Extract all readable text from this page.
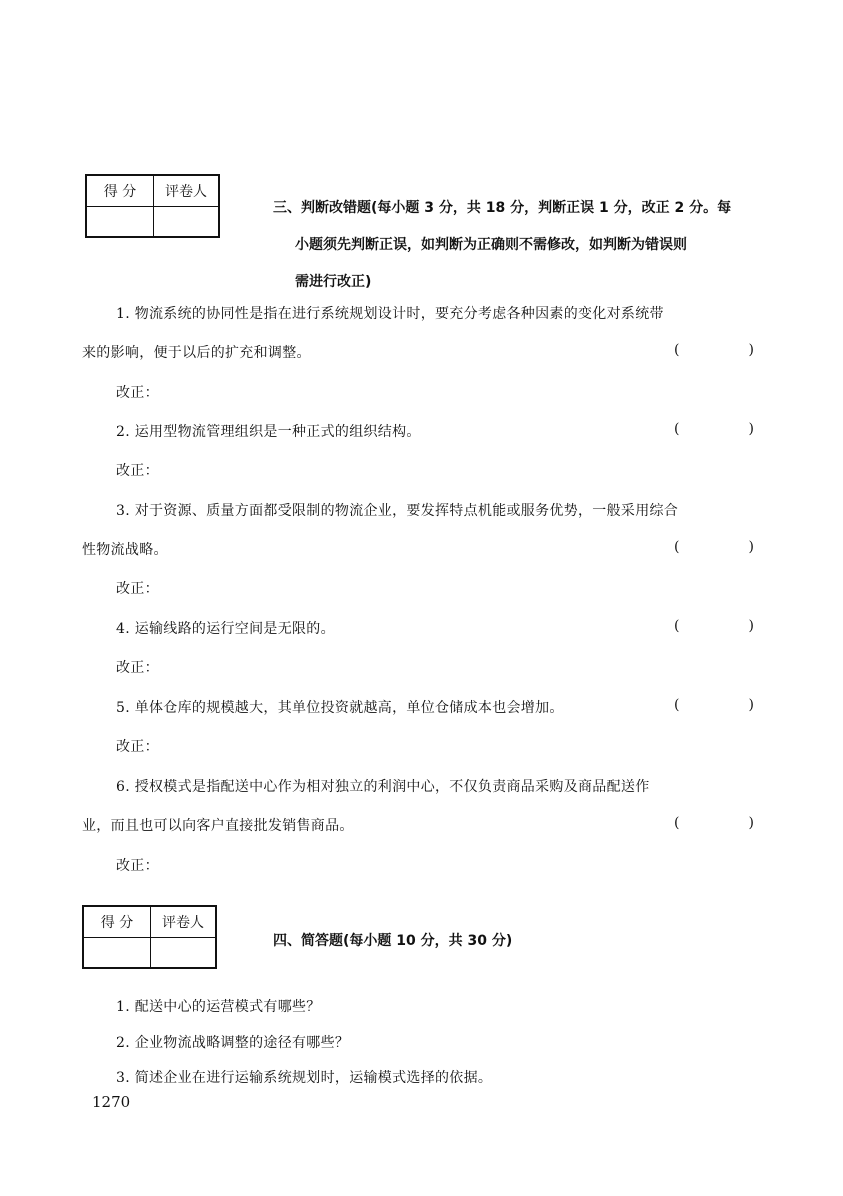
得 分	评卷人

三、判断改错题(每小题 3 分，共 18 分，判断正误 1 分，改正 2 分。每
小题须先判断正误，如判断为正确则不需修改，如判断为错误则
需进行改正)
1. 物流系统的协同性是指在进行系统规划设计时，要充分考虑各种因素的变化对系统带
来的影响，便于以后的扩充和调整。	(	)
改正：
2. 运用型物流管理组织是一种正式的组织结构。	(	)
改正：
3. 对于资源、质量方面都受限制的物流企业，要发挥特点机能或服务优势，一般采用综合
性物流战略。	(	)
改正：
4. 运输线路的运行空间是无限的。	(	)
改正：
5. 单体仓库的规模越大，其单位投资就越高，单位仓储成本也会增加。	(	)
改正：
6. 授权模式是指配送中心作为相对独立的利润中心，不仅负责商品采购及商品配送作
业，而且也可以向客户直接批发销售商品。	(	)
改正：
得 分	评卷人

四、简答题(每小题 10 分，共 30 分)
1. 配送中心的运营模式有哪些？
2. 企业物流战略调整的途径有哪些？
3. 简述企业在进行运输系统规划时，运输模式选择的依据。
1270
